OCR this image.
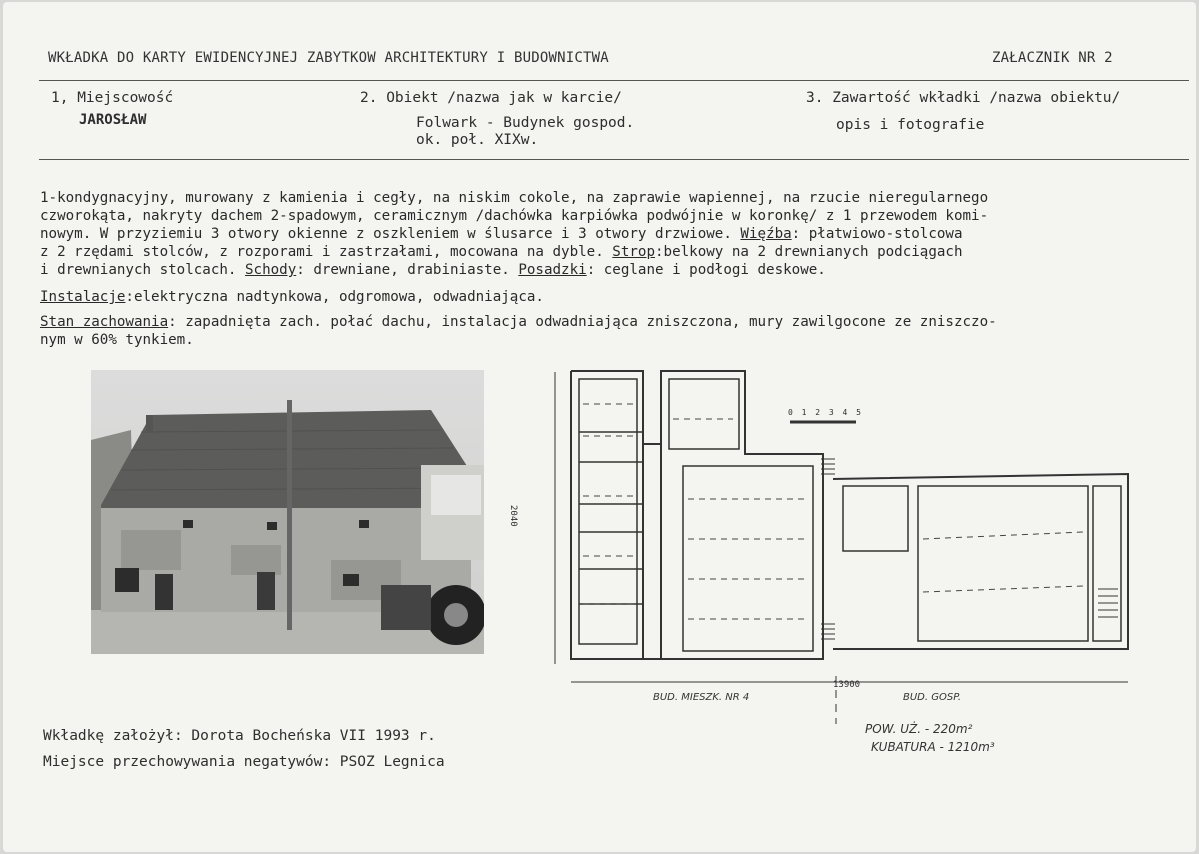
WKŁADKA DO KARTY EWIDENCYJNEJ ZABYTKOW ARCHITEKTURY I BUDOWNICTWA	ZAŁACZNIK NR 2
1, Miejscowość
JAROSŁAW
2. Obiekt /nazwa jak w karcie/
Folwark - Budynek gospod.
ok. poł. XIXw.
3. Zawartość wkładki /nazwa obiektu/
opis i fotografie
1-kondygnacyjny, murowany z kamienia i cegły, na niskim cokole, na zaprawie wapiennej, na rzucie nieregularnego
czworokąta, nakryty dachem 2-spadowym, ceramicznym /dachówka karpiówka podwójnie w koronkę/ z 1 przewodem komi-
nowym. W przyziemiu 3 otwory okienne z oszkleniem w ślusarce i 3 otwory drzwiowe. Więźba: płatwiowo-stolcowa
z 2 rzędami stolców, z rozporami i zastrzałami, mocowana na dyble. Strop:belkowy na 2 drewnianych podciągach
i drewnianych stolcach. Schody: drewniane, drabiniaste. Posadzki: ceglane i podłogi deskowe.
Instalacje:elektryczna nadtynkowa, odgromowa, odwadniająca.
Stan zachowania: zapadnięta zach. połać dachu, instalacja odwadniająca zniszczona, mury zawilgocone ze zniszczo-
nym w 60% tynkiem.
0 1 2 3 4 5
2040
13900
BUD. MIESZK. NR 4	BUD. GOSP.
POW. UŻ. - 220m²
KUBATURA - 1210m³
Wkładkę założył: Dorota Bocheńska VII 1993 r.
Miejsce przechowywania negatywów: PSOZ Legnica
